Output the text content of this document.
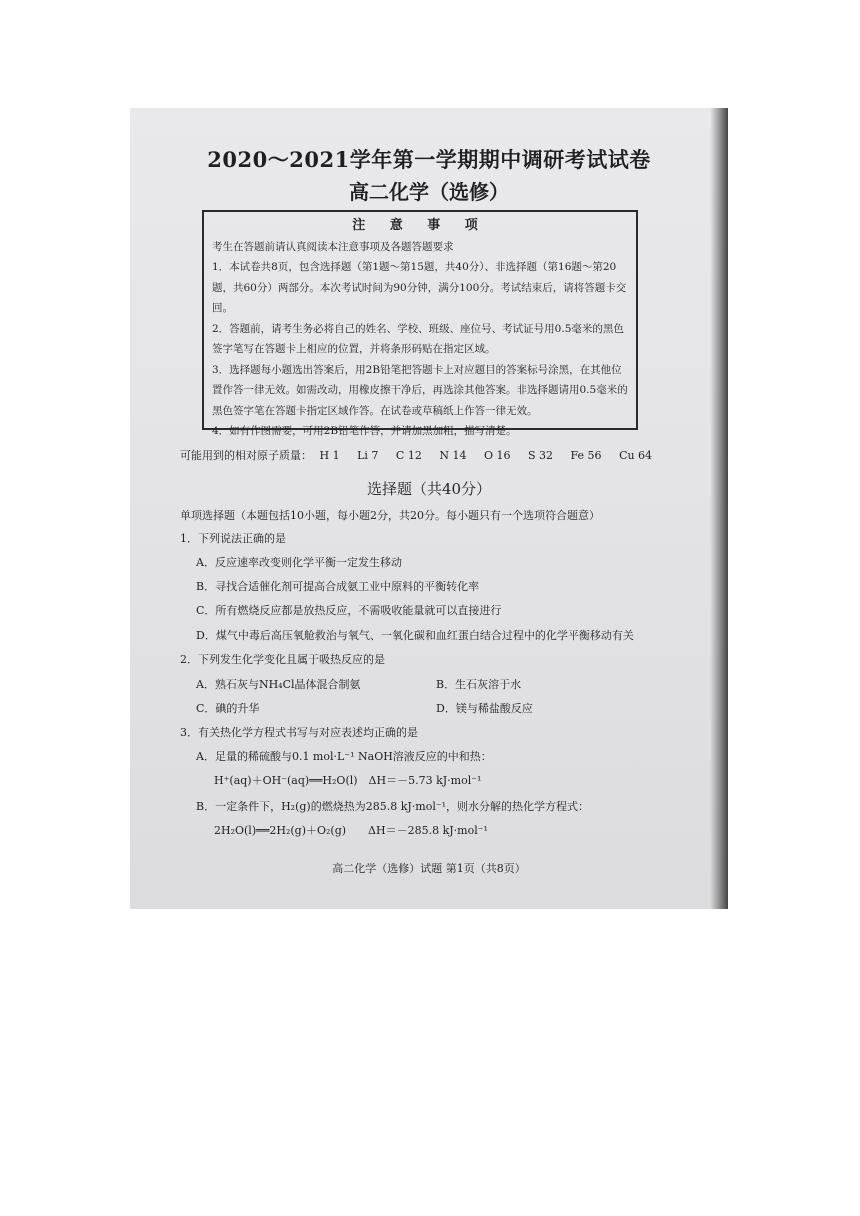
2020～2021学年第一学期期中调研考试试卷
高二化学（选修）
注 意 事 项

考生在答题前请认真阅读本注意事项及各题答题要求

1．本试卷共8页，包含选择题（第1题～第15题，共40分）、非选择题（第16题～第20题，共60分）两部分。本次考试时间为90分钟，满分100分。考试结束后，请将答题卡交回。

2．答题前，请考生务必将自己的姓名、学校、班级、座位号、考试证号用0.5毫米的黑色签字笔写在答题卡上相应的位置，并将条形码贴在指定区域。

3．选择题每小题选出答案后，用2B铅笔把答题卡上对应题目的答案标号涂黑，在其他位置作答一律无效。如需改动，用橡皮擦干净后，再选涂其他答案。非选择题请用0.5毫米的黑色签字笔在答题卡指定区域作答。在试卷或草稿纸上作答一律无效。

4．如有作图需要，可用2B铅笔作答，并请加黑加粗，描写清楚。

可能用到的相对原子质量： H 1 Li 7 C 12 N 14 O 16 S 32 Fe 56 Cu 64
选择题（共40分）
单项选择题（本题包括10小题，每小题2分，共20分。每小题只有一个选项符合题意）
1．下列说法正确的是
A．反应速率改变则化学平衡一定发生移动
B．寻找合适催化剂可提高合成氨工业中原料的平衡转化率
C．所有燃烧反应都是放热反应，不需吸收能量就可以直接进行
D．煤气中毒后高压氧舱救治与氧气、一氧化碳和血红蛋白结合过程中的化学平衡移动有关
2．下列发生化学变化且属于吸热反应的是
A．熟石灰与NH₄Cl晶体混合制氨	B．生石灰溶于水
C．碘的升华	D．镁与稀盐酸反应
3．有关热化学方程式书写与对应表述均正确的是
A．足量的稀硫酸与0.1 mol·L⁻¹ NaOH溶液反应的中和热：
H⁺(aq)＋OH⁻(aq)══H₂O(l)　ΔH＝－5.73 kJ·mol⁻¹
B．一定条件下，H₂(g)的燃烧热为285.8 kJ·mol⁻¹，则水分解的热化学方程式：
2H₂O(l)══2H₂(g)＋O₂(g)　　ΔH＝－285.8 kJ·mol⁻¹
高二化学（选修）试题 第1页（共8页）
